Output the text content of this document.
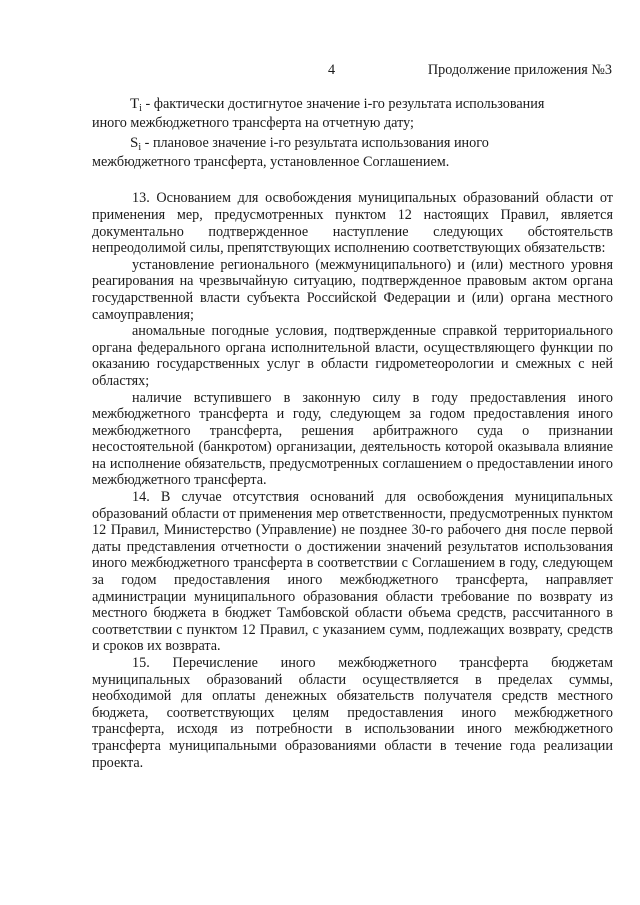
4	Продолжение приложения №3

$T_i$ - фактически достигнутое значение i-го результата использования

иного межбюджетного трансферта на отчетную дату;

$S_i$ - плановое значение i-го результата использования иного

межбюджетного трансферта, установленное Соглашением.

13. Основанием для освобождения муниципальных образований области от применения мер, предусмотренных пунктом 12 настоящих Правил, является документально подтвержденное наступление следующих обстоятельств непреодолимой силы, препятствующих исполнению соответствующих обязательств:

установление регионального (межмуниципального) и (или) местного уровня реагирования на чрезвычайную ситуацию, подтвержденное правовым актом органа государственной власти субъекта Российской Федерации и (или) органа местного самоуправления;

аномальные погодные условия, подтвержденные справкой территориального органа федерального органа исполнительной власти, осуществляющего функции по оказанию государственных услуг в области гидрометеорологии и смежных с ней областях;

наличие вступившего в законную силу в году предоставления иного межбюджетного трансферта и году, следующем за годом предоставления иного межбюджетного трансферта, решения арбитражного суда о признании несостоятельной (банкротом) организации, деятельность которой оказывала влияние на исполнение обязательств, предусмотренных соглашением о предоставлении иного межбюджетного трансферта.

14. В случае отсутствия оснований для освобождения муниципальных образований области от применения мер ответственности, предусмотренных пунктом 12 Правил, Министерство (Управление) не позднее 30-го рабочего дня после первой даты представления отчетности о достижении значений результатов использования иного межбюджетного трансферта в соответствии с Соглашением в году, следующем за годом предоставления иного межбюджетного трансферта, направляет администрации муниципального образования области требование по возврату из местного бюджета в бюджет Тамбовской области объема средств, рассчитанного в соответствии с пунктом 12 Правил, с указанием сумм, подлежащих возврату, средств и сроков их возврата.

15. Перечисление иного межбюджетного трансферта бюджетам муниципальных образований области осуществляется в пределах суммы, необходимой для оплаты денежных обязательств получателя средств местного бюджета, соответствующих целям предоставления иного межбюджетного трансферта, исходя из потребности в использовании иного межбюджетного трансферта муниципальными образованиями области в течение года реализации проекта.
